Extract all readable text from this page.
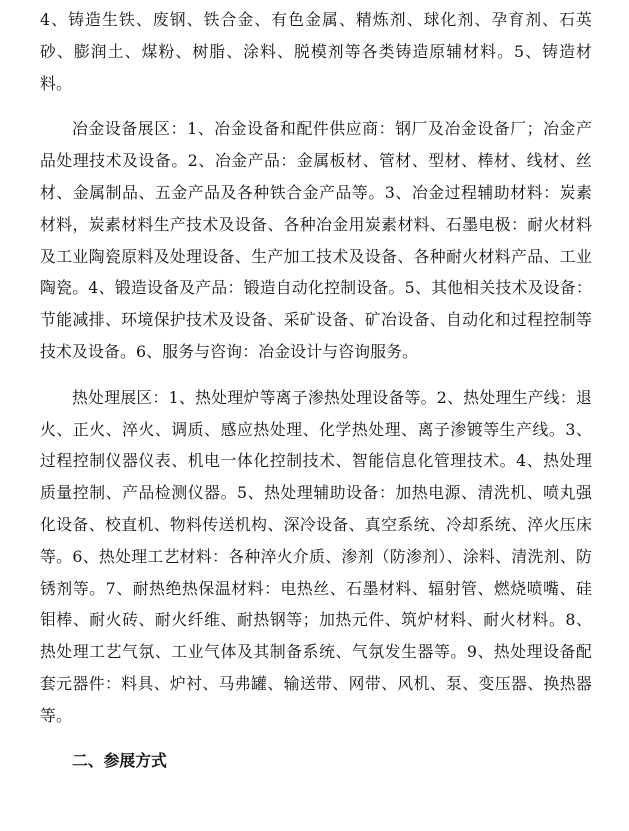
4、铸造生铁、废钢、铁合金、有色金属、精炼剂、球化剂、孕育剂、石英砂、膨润土、煤粉、树脂、涂料、脱模剂等各类铸造原辅材料。5、铸造材料。

冶金设备展区：1、冶金设备和配件供应商：钢厂及冶金设备厂；冶金产品处理技术及设备。2、冶金产品：金属板材、管材、型材、棒材、线材、丝材、金属制品、五金产品及各种铁合金产品等。3、冶金过程辅助材料：炭素材料，炭素材料生产技术及设备、各种冶金用炭素材料、石墨电极：耐火材料及工业陶瓷原料及处理设备、生产加工技术及设备、各种耐火材料产品、工业陶瓷。4、锻造设备及产品：锻造自动化控制设备。5、其他相关技术及设备：节能减排、环境保护技术及设备、采矿设备、矿冶设备、自动化和过程控制等技术及设备。6、服务与咨询：冶金设计与咨询服务。

热处理展区：1、热处理炉等离子渗热处理设备等。2、热处理生产线：退火、正火、淬火、调质、感应热处理、化学热处理、离子渗镀等生产线。3、过程控制仪器仪表、机电一体化控制技术、智能信息化管理技术。4、热处理质量控制、产品检测仪器。5、热处理辅助设备：加热电源、清洗机、喷丸强化设备、校直机、物料传送机构、深冷设备、真空系统、冷却系统、淬火压床等。6、热处理工艺材料：各种淬火介质、渗剂（防渗剂）、涂料、清洗剂、防锈剂等。7、耐热绝热保温材料：电热丝、石墨材料、辐射管、燃烧喷嘴、硅钼棒、耐火砖、耐火纤维、耐热钢等；加热元件、筑炉材料、耐火材料。8、热处理工艺气氛、工业气体及其制备系统、气氛发生器等。9、热处理设备配套元器件：料具、炉衬、马弗罐、输送带、网带、风机、泵、变压器、换热器等。

二、参展方式
